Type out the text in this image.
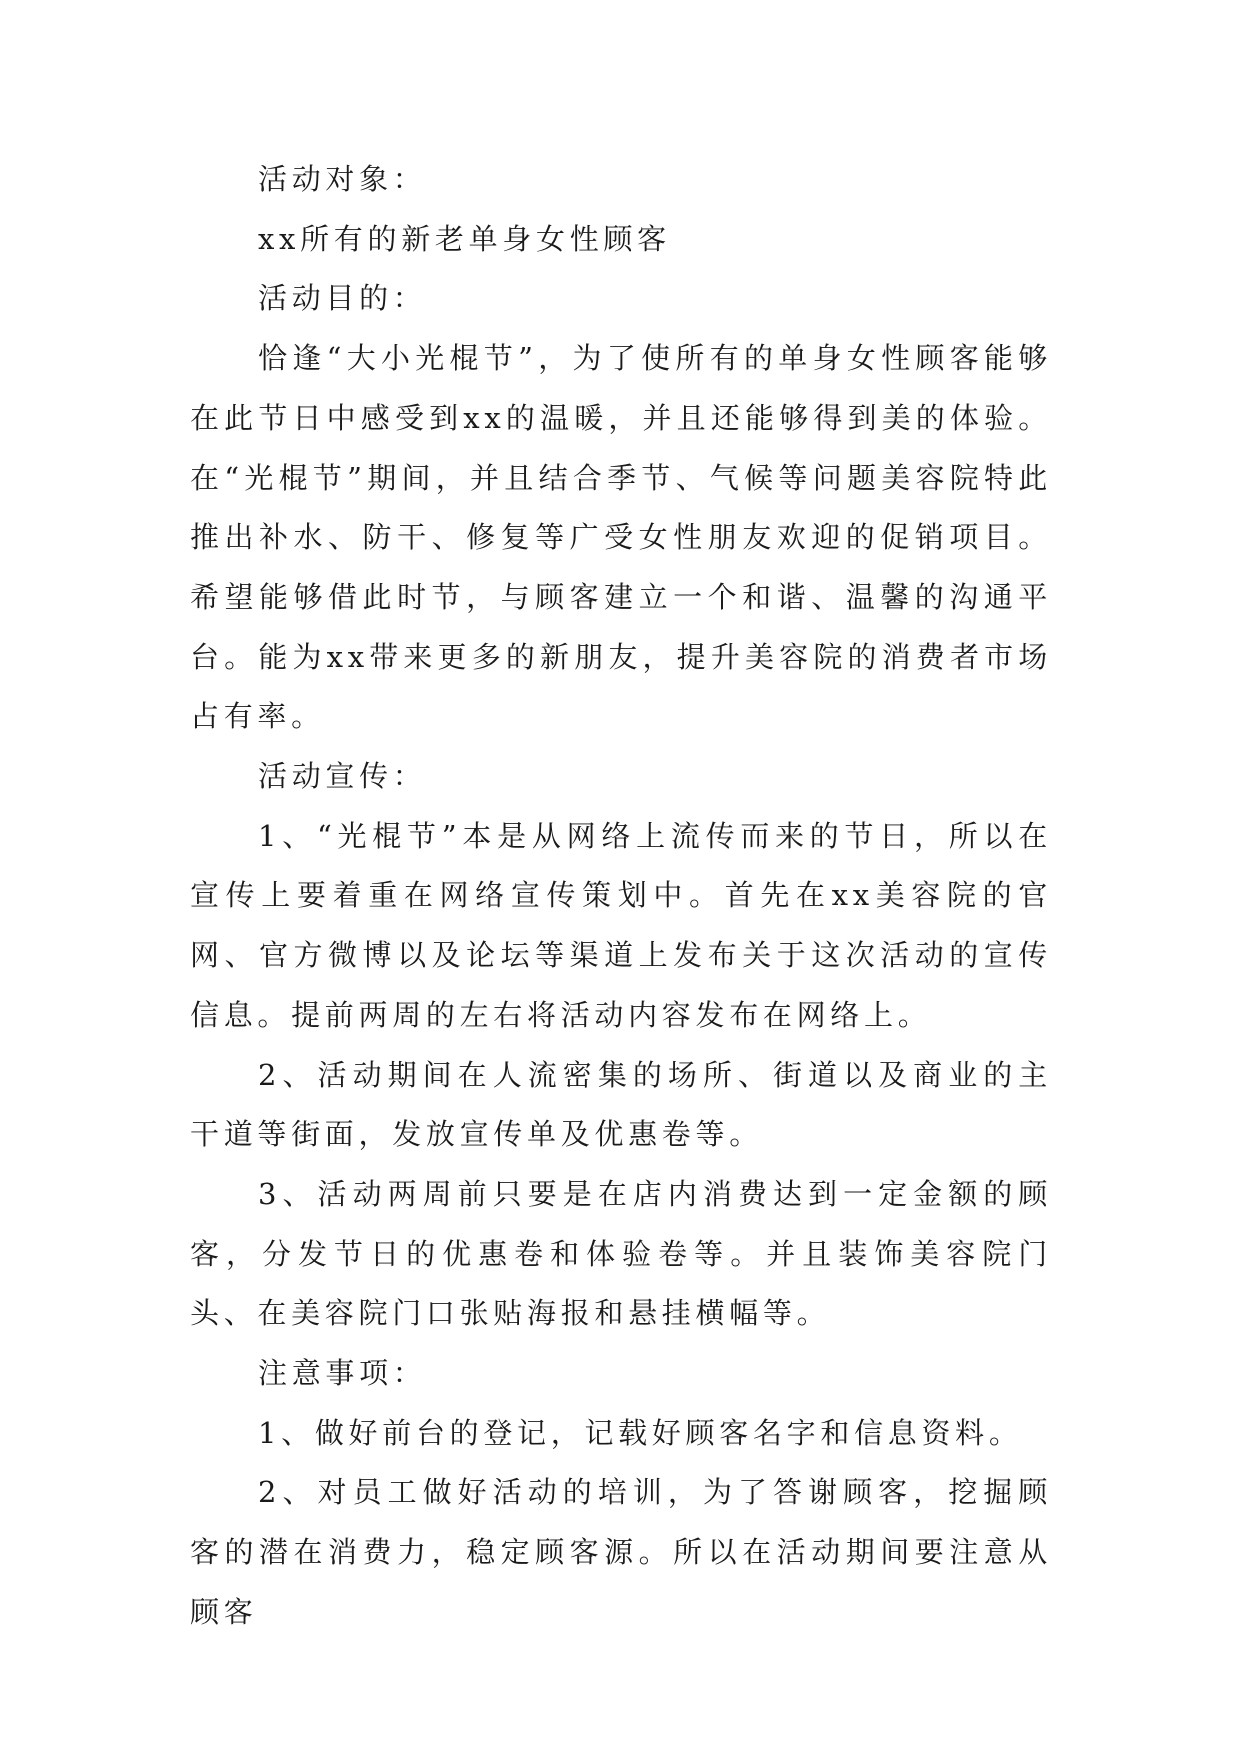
活动对象：

xx所有的新老单身女性顾客

活动目的：

恰逢“大小光棍节”，为了使所有的单身女性顾客能够在此节日中感受到xx的温暖，并且还能够得到美的体验。在“光棍节”期间，并且结合季节、气候等问题美容院特此推出补水、防干、修复等广受女性朋友欢迎的促销项目。希望能够借此时节，与顾客建立一个和谐、温馨的沟通平台。能为xx带来更多的新朋友，提升美容院的消费者市场占有率。

活动宣传：

1、“光棍节”本是从网络上流传而来的节日，所以在宣传上要着重在网络宣传策划中。首先在xx美容院的官网、官方微博以及论坛等渠道上发布关于这次活动的宣传信息。提前两周的左右将活动内容发布在网络上。

2、活动期间在人流密集的场所、街道以及商业的主干道等街面，发放宣传单及优惠卷等。

3、活动两周前只要是在店内消费达到一定金额的顾客，分发节日的优惠卷和体验卷等。并且装饰美容院门头、在美容院门口张贴海报和悬挂横幅等。

注意事项：

1、做好前台的登记，记载好顾客名字和信息资料。

2、对员工做好活动的培训，为了答谢顾客，挖掘顾客的潜在消费力，稳定顾客源。所以在活动期间要注意从顾客
